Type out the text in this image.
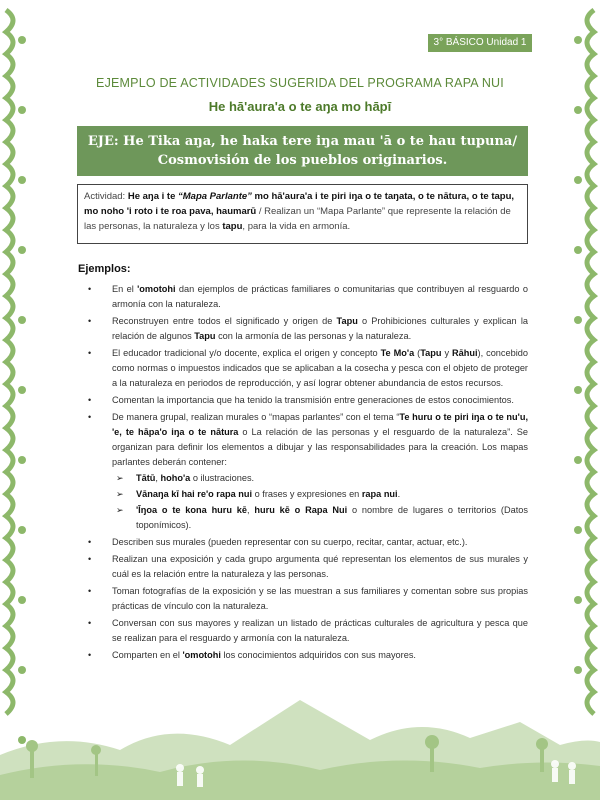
3° BÁSICO Unidad 1
EJEMPLO DE ACTIVIDADES SUGERIDA DEL PROGRAMA RAPA NUI
He hā'aura'a o te aŋa mo hāpī
EJE: He Tika aŋa, he haka tere iŋa mau 'ā o te hau tupuna/
Cosmovisión de los pueblos originarios.
Actividad: He aŋa i te “Mapa Parlante” mo hā'aura'a i te piri iŋa o te taŋata, o te nātura, o te tapu, mo noho 'i roto i te roa pava, haumarū / Realizan un “Mapa Parlante” que represente la relación de las personas, la naturaleza y los tapu, para la vida en armonía.
Ejemplos:
• En el 'omotohi dan ejemplos de prácticas familiares o comunitarias que contribuyen al resguardo o armonía con la naturaleza.
• Reconstruyen entre todos el significado y origen de Tapu o Prohibiciones culturales y explican la relación de algunos Tapu con la armonía de las personas y la naturaleza.
• El educador tradicional y/o docente, explica el origen y concepto Te Mo'a (Tapu y Rāhui), concebido como normas o impuestos indicados que se aplicaban a la cosecha y pesca con el objeto de proteger a la naturaleza en periodos de reproducción, y así lograr obtener abundancia de estos recursos.
• Comentan la importancia que ha tenido la transmisión entre generaciones de estos conocimientos.
• De manera grupal, realizan murales o “mapas parlantes” con el tema “Te huru o te piri iŋa o te nu'u, 'e, te hāpa'o iŋa o te nātura o La relación de las personas y el resguardo de la naturaleza”. Se organizan para definir los elementos a dibujar y las responsabilidades para la creación. Los mapas parlantes deberán contener:
➢ Tātū, hoho'a o ilustraciones.
➢ Vānaŋa kī hai re'o rapa nui o frases y expresiones en rapa nui.
➢ 'Īŋoa o te kona huru kē, huru kē o Rapa Nui o nombre de lugares o territorios (Datos toponímicos).
• Describen sus murales (pueden representar con su cuerpo, recitar, cantar, actuar, etc.).
• Realizan una exposición y cada grupo argumenta qué representan los elementos de sus murales y cuál es la relación entre la naturaleza y las personas.
• Toman fotografías de la exposición y se las muestran a sus familiares y comentan sobre sus propias prácticas de vínculo con la naturaleza.
• Conversan con sus mayores y realizan un listado de prácticas culturales de agricultura y pesca que se realizan para el resguardo y armonía con la naturaleza.
• Comparten en el 'omotohi los conocimientos adquiridos con sus mayores.
